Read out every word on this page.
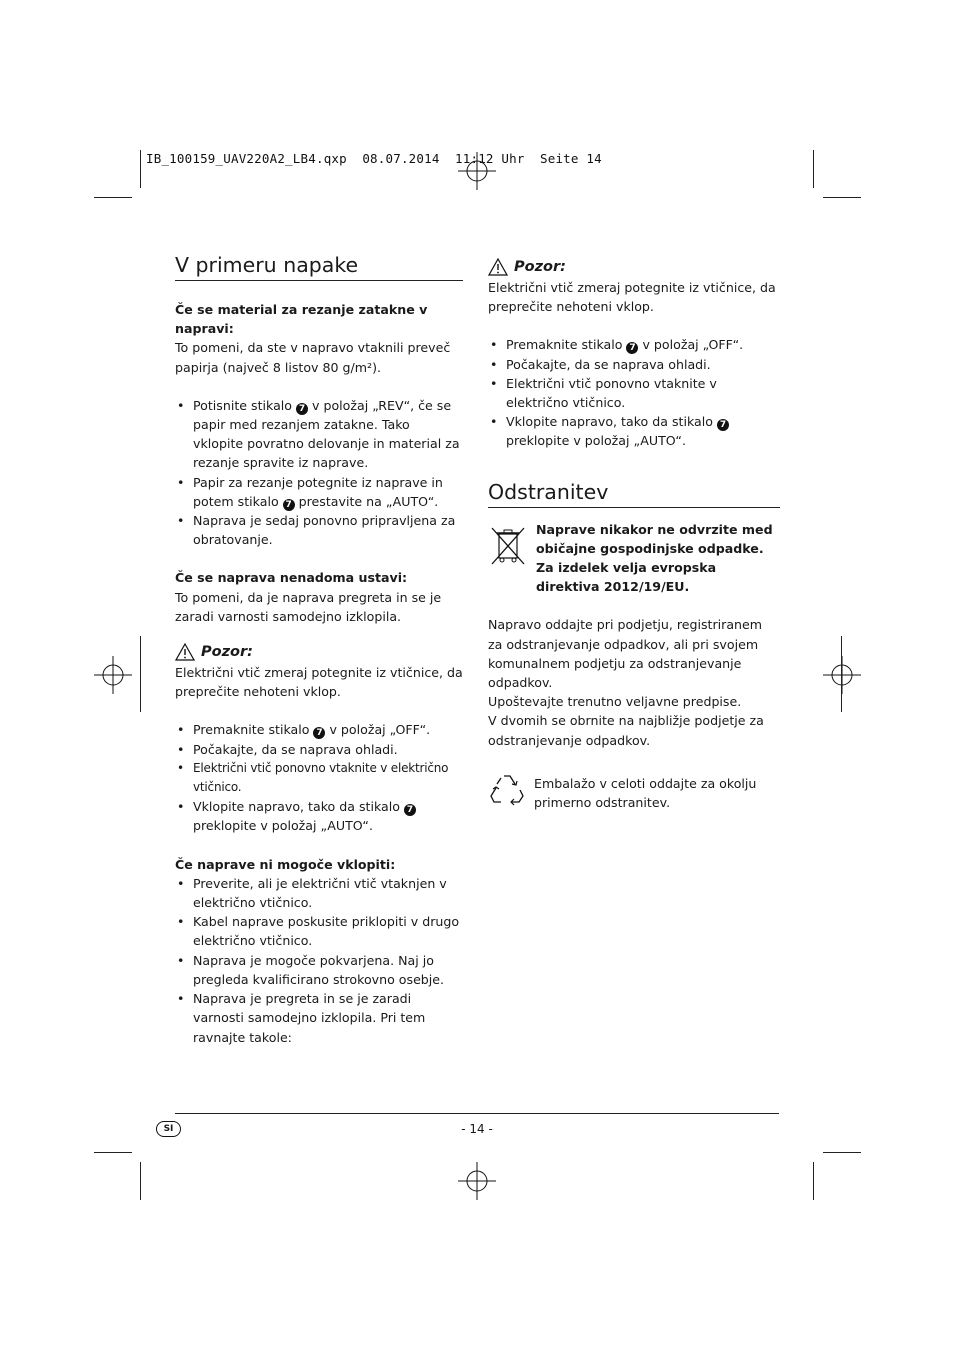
IB_100159_UAV220A2_LB4.qxp  08.07.2014  11:12 Uhr  Seite 14
V primeru napake

Če se material za rezanje zatakne v napravi:

To pomeni, da ste v napravo vtaknili preveč papirja (največ 8 listov 80 g/m²).

• Potisnite stikalo 7 v položaj „REV“, če se papir med rezanjem zatakne. Tako vklopite povratno delovanje in material za rezanje spravite iz naprave.
• Papir za rezanje potegnite iz naprave in potem stikalo 7 prestavite na „AUTO“.
• Naprava je sedaj ponovno pripravljena za obratovanje.

Če se naprava nenadoma ustavi:

To pomeni, da je naprava pregreta in se je zaradi varnosti samodejno izklopila.

Pozor:

Električni vtič zmeraj potegnite iz vtičnice, da preprečite nehoteni vklop.

• Premaknite stikalo 7 v položaj „OFF“.
• Počakajte, da se naprava ohladi.
• Električni vtič ponovno vtaknite v električno vtičnico.
• Vklopite napravo, tako da stikalo 7 preklopite v položaj „AUTO“.

Če naprave ni mogoče vklopiti:

• Preverite, ali je električni vtič vtaknjen v električno vtičnico.
• Kabel naprave poskusite priklopiti v drugo električno vtičnico.
• Naprava je mogoče pokvarjena. Naj jo pregleda kvalificirano strokovno osebje.
• Naprava je pregreta in se je zaradi varnosti samodejno izklopila. Pri tem ravnajte takole:
Pozor:

Električni vtič zmeraj potegnite iz vtičnice, da preprečite nehoteni vklop.

• Premaknite stikalo 7 v položaj „OFF“.
• Počakajte, da se naprava ohladi.
• Električni vtič ponovno vtaknite v električno vtičnico.
• Vklopite napravo, tako da stikalo 7 preklopite v položaj „AUTO“.
Odstranitev

Naprave nikakor ne odvrzite med običajne gospodinjske odpadke. Za izdelek velja evropska direktiva 2012/19/EU.

Napravo oddajte pri podjetju, registriranem za odstranjevanje odpadkov, ali pri svojem komunalnem podjetju za odstranjevanje odpadkov.

Upoštevajte trenutno veljavne predpise.

V dvomih se obrnite na najbližje podjetje za odstranjevanje odpadkov.

Embalažo v celoti oddajte za okolju primerno odstranitev.

SI	- 14 -
